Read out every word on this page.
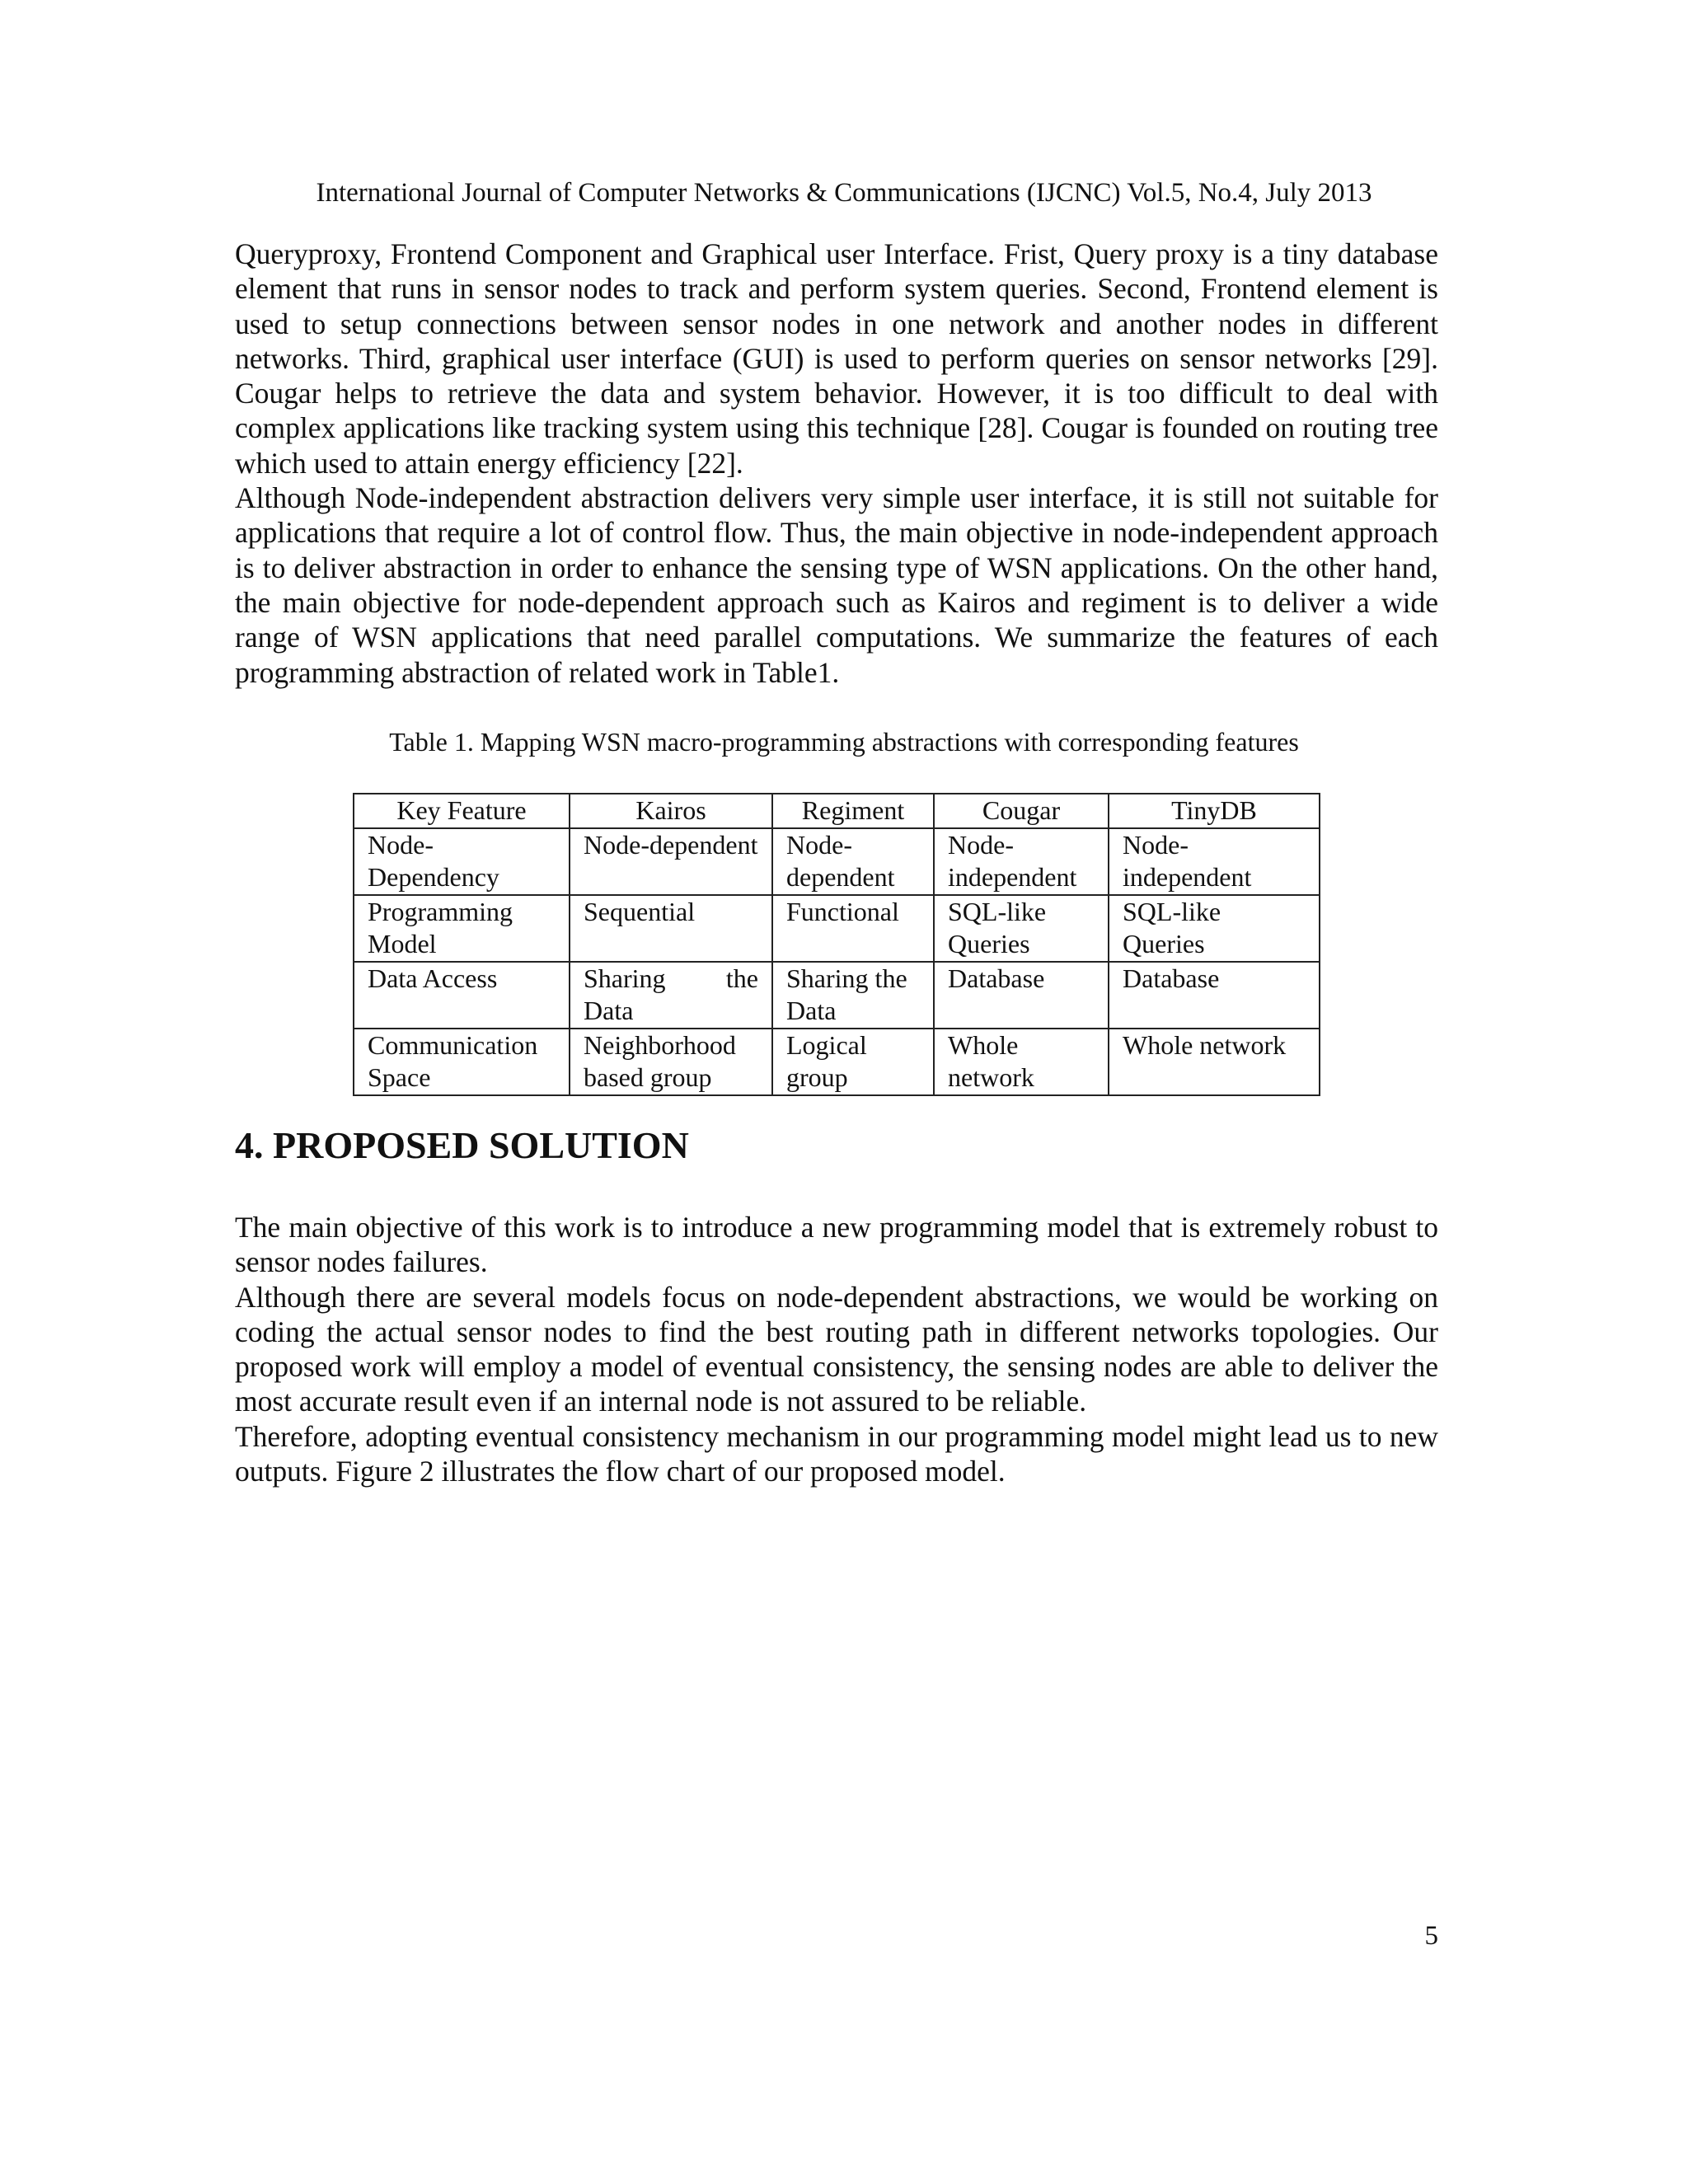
International Journal of Computer Networks & Communications (IJCNC) Vol.5, No.4, July 2013

Queryproxy, Frontend Component and Graphical user Interface. Frist, Query proxy is a tiny database element that runs in sensor nodes to track and perform system queries. Second, Frontend element is used to setup connections between sensor nodes in one network and another nodes in different networks. Third, graphical user interface (GUI) is used to perform queries on sensor networks [29]. Cougar helps to retrieve the data and system behavior. However, it is too difficult to deal with complex applications like tracking system using this technique [28]. Cougar is founded on routing tree which used to attain energy efficiency [22].

Although Node-independent abstraction delivers very simple user interface, it is still not suitable for applications that require a lot of control flow. Thus, the main objective in node-independent approach is to deliver abstraction in order to enhance the sensing type of WSN applications. On the other hand, the main objective for node-dependent approach such as Kairos and regiment is to deliver a wide range of WSN applications that need parallel computations. We summarize the features of each programming abstraction of related work in Table1.

Table 1. Mapping WSN macro-programming abstractions with corresponding features
Key Feature	Kairos	Regiment	Cougar	TinyDB
Node-Dependency	Node-dependent	Node-dependent	Node-independent	Node-independent
Programming Model	Sequential	Functional	SQL-like Queries	SQL-like Queries
Data Access	Sharing the Data	Sharing the Data	Database	Database
Communication Space	Neighborhood based group	Logical group	Whole network	Whole network
4. PROPOSED SOLUTION

The main objective of this work is to introduce a new programming model that is extremely robust to sensor nodes failures.

Although there are several models focus on node-dependent abstractions, we would be working on coding the actual sensor nodes to find the best routing path in different networks topologies. Our proposed work will employ a model of eventual consistency, the sensing nodes are able to deliver the most accurate result even if an internal node is not assured to be reliable.

Therefore, adopting eventual consistency mechanism in our programming model might lead us to new outputs. Figure 2 illustrates the flow chart of our proposed model.

5
